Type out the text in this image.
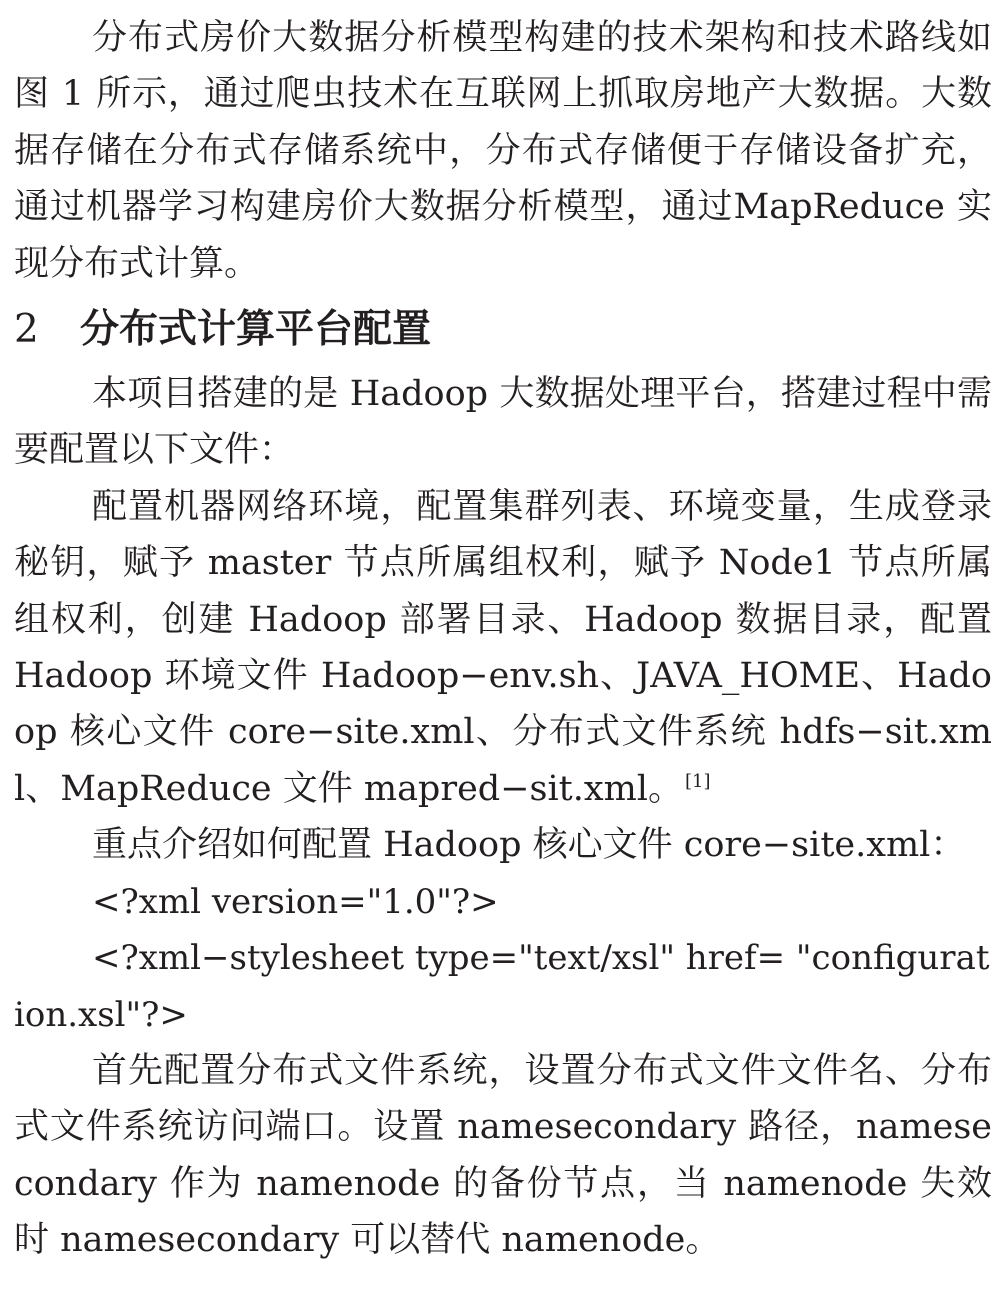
分布式房价大数据分析模型构建的技术架构和技术路线如图 1 所示，通过爬虫技术在互联网上抓取房地产大数据。大数据存储在分布式存储系统中，分布式存储便于存储设备扩充，通过机器学习构建房价大数据分析模型，通过MapReduce 实现分布式计算。

2	分布式计算平台配置

本项目搭建的是 Hadoop 大数据处理平台，搭建过程中需要配置以下文件：

配置机器网络环境，配置集群列表、环境变量，生成登录秘钥，赋予 master 节点所属组权利，赋予 Node1 节点所属组权利，创建 Hadoop 部署目录、Hadoop 数据目录，配置 Hadoop 环境文件 Hadoop−env.sh、JAVA_HOME、Hadoop 核心文件 core−site.xml、分布式文件系统 hdfs−sit.xml、MapReduce 文件 mapred−sit.xml。 [1]

重点介绍如何配置 Hadoop 核心文件 core−site.xml：

<?xml version="1.0"?>

<?xml−stylesheet type="text/xsl" href= "configuration.xsl"?>

首先配置分布式文件系统，设置分布式文件文件名、分布式文件系统访问端口。设置 namesecondary 路径，namesecondary 作为 namenode 的备份节点，当 namenode 失效时 namesecondary 可以替代 namenode。
